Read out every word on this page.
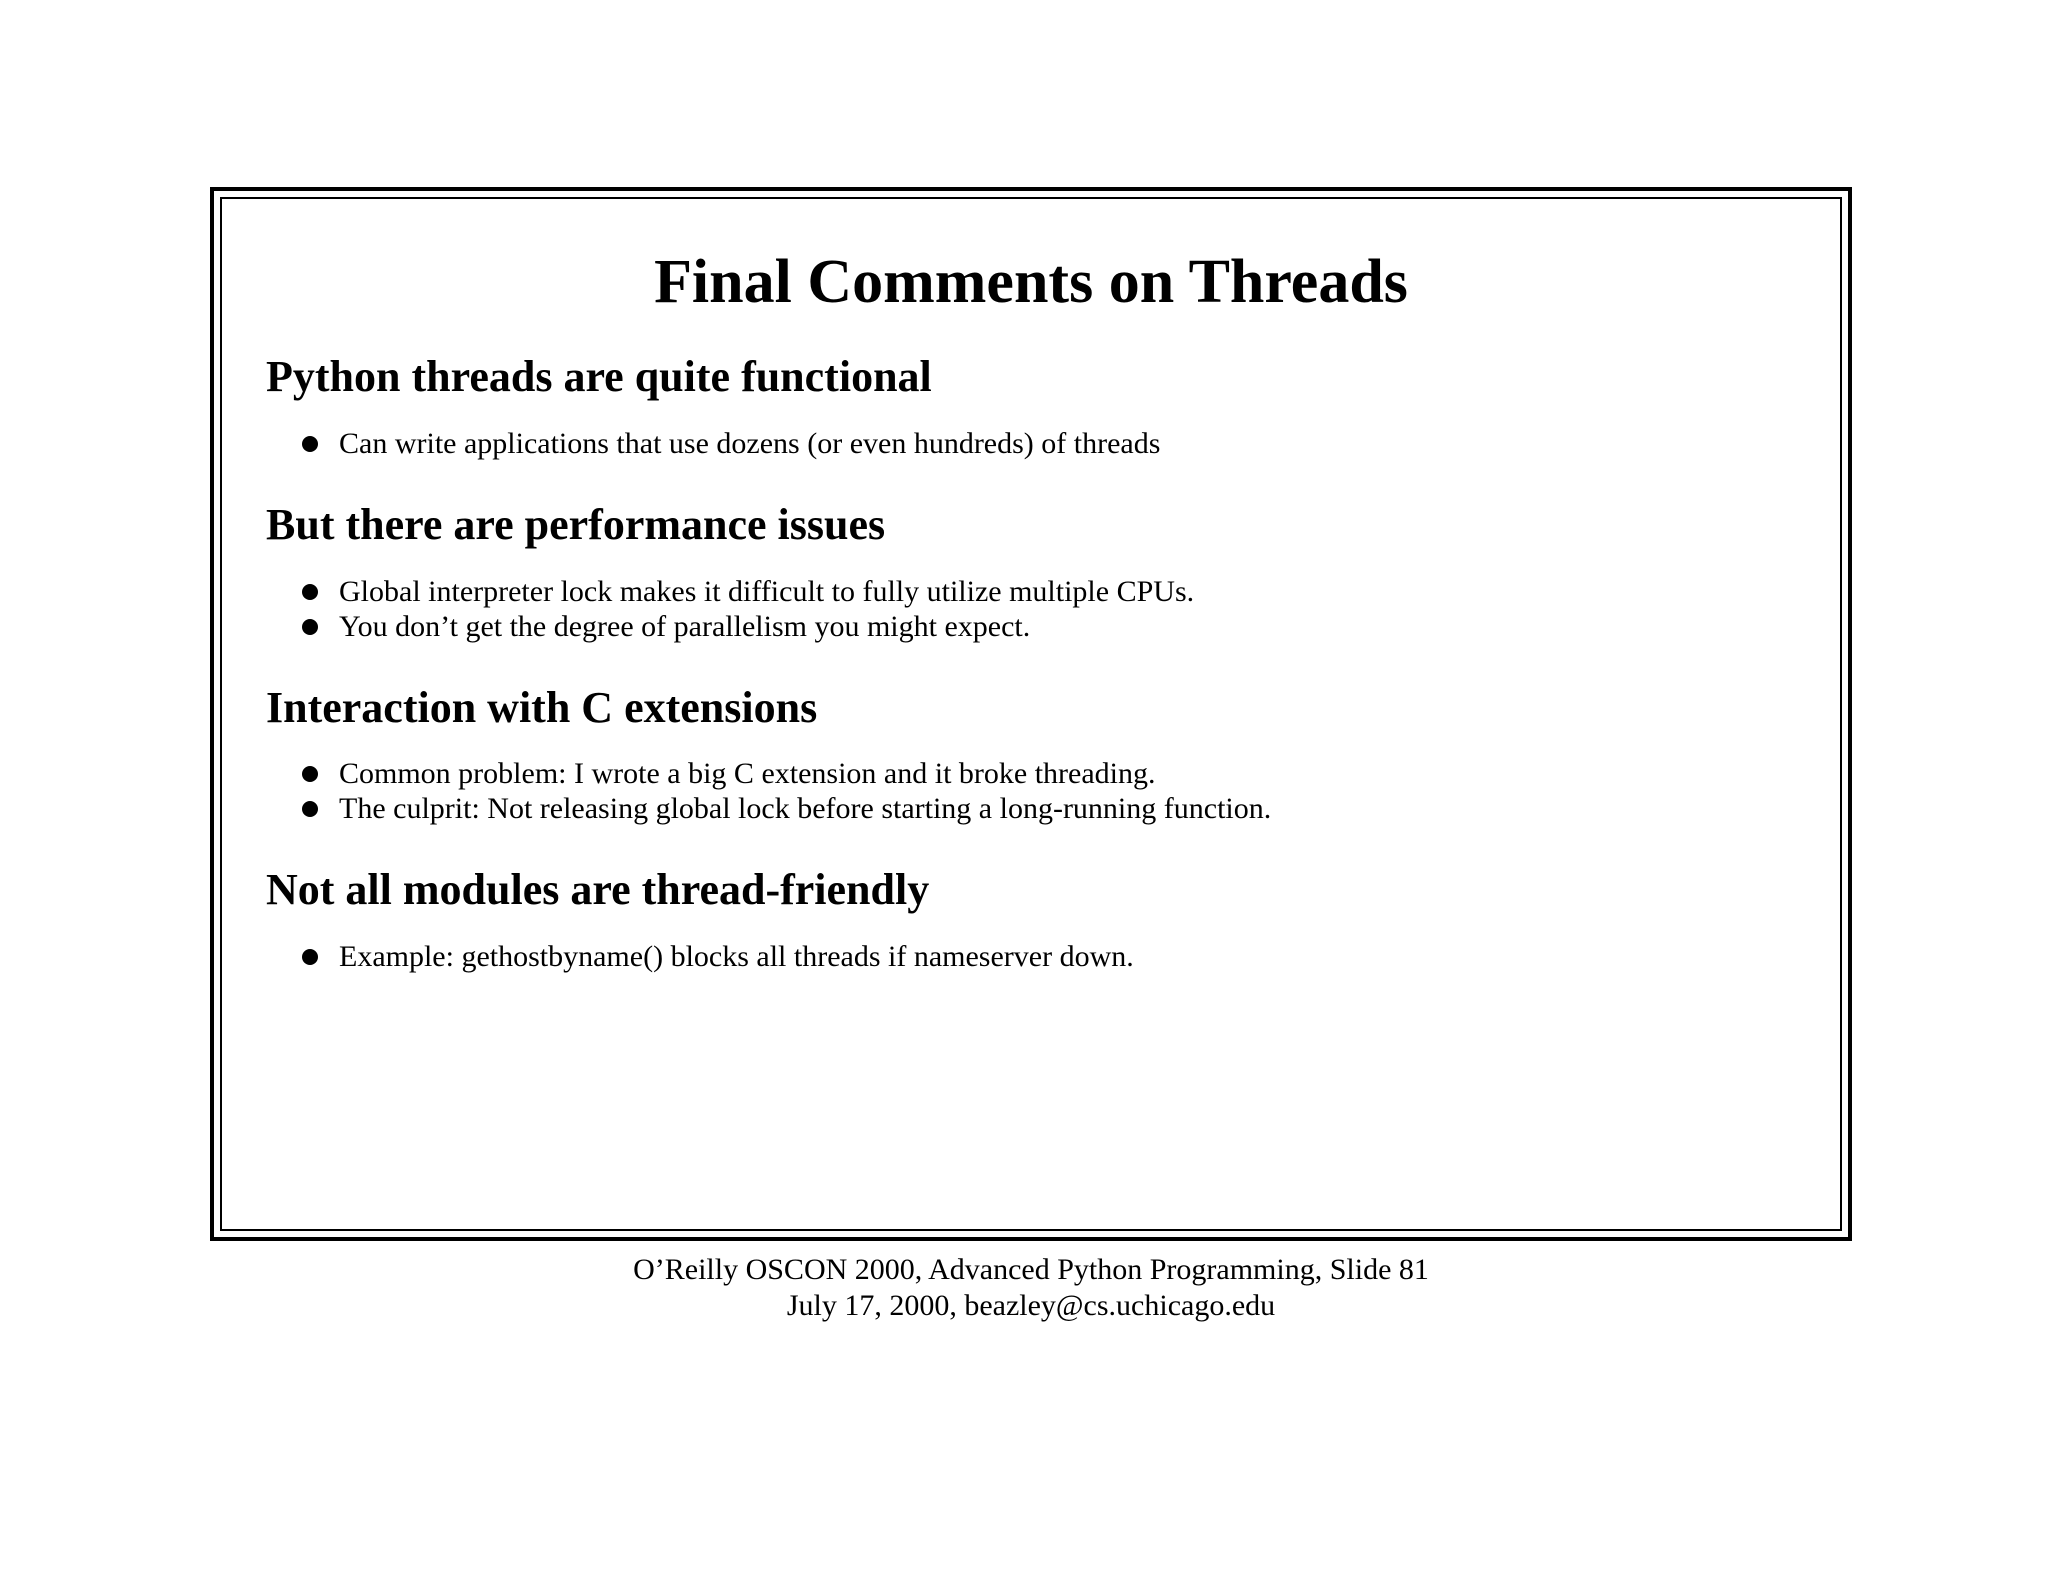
Final Comments on Threads
Python threads are quite functional
Can write applications that use dozens (or even hundreds) of threads
But there are performance issues
Global interpreter lock makes it difficult to fully utilize multiple CPUs.
You don’t get the degree of parallelism you might expect.
Interaction with C extensions
Common problem: I wrote a big C extension and it broke threading.
The culprit: Not releasing global lock before starting a long-running function.
Not all modules are thread-friendly
Example: gethostbyname() blocks all threads if nameserver down.
O’Reilly OSCON 2000, Advanced Python Programming, Slide 81
July 17, 2000, beazley@cs.uchicago.edu
